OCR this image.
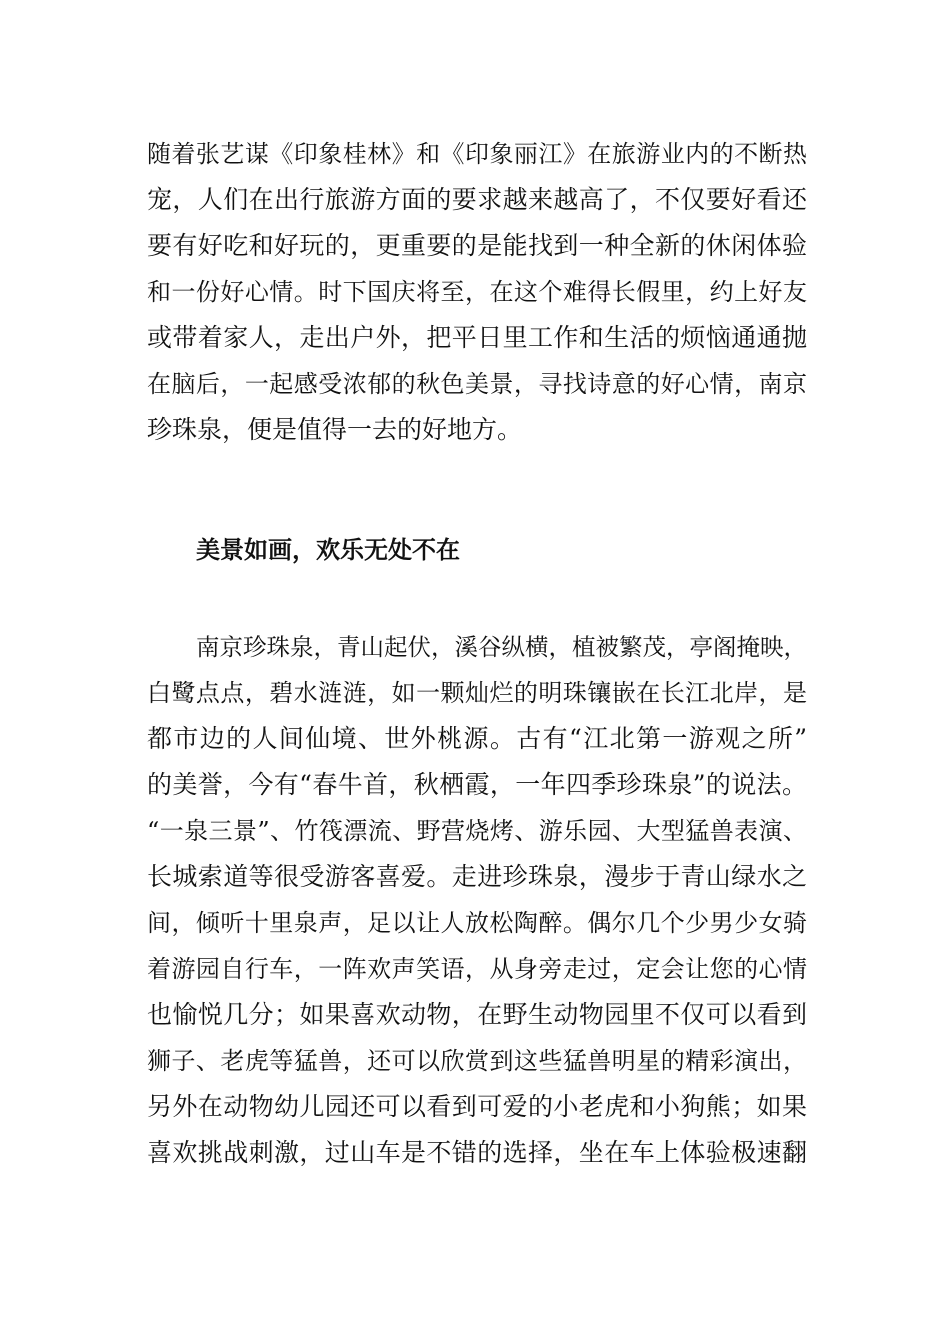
随着张艺谋《印象桂林》和《印象丽江》在旅游业内的不断热
宠，人们在出行旅游方面的要求越来越高了，不仅要好看还
要有好吃和好玩的，更重要的是能找到一种全新的休闲体验
和一份好心情。时下国庆将至，在这个难得长假里，约上好友
或带着家人，走出户外，把平日里工作和生活的烦恼通通抛
在脑后，一起感受浓郁的秋色美景，寻找诗意的好心情，南京
珍珠泉，便是值得一去的好地方。
美景如画，欢乐无处不在
南京珍珠泉，青山起伏，溪谷纵横，植被繁茂，亭阁掩映，
白鹭点点，碧水涟涟，如一颗灿烂的明珠镶嵌在长江北岸，是
都市边的人间仙境、世外桃源。古有“江北第一游观之所”
的美誉，今有“春牛首，秋栖霞，一年四季珍珠泉”的说法。
“一泉三景”、竹筏漂流、野营烧烤、游乐园、大型猛兽表演、
长城索道等很受游客喜爱。走进珍珠泉，漫步于青山绿水之
间，倾听十里泉声，足以让人放松陶醉。偶尔几个少男少女骑
着游园自行车，一阵欢声笑语，从身旁走过，定会让您的心情
也愉悦几分；如果喜欢动物，在野生动物园里不仅可以看到
狮子、老虎等猛兽，还可以欣赏到这些猛兽明星的精彩演出，
另外在动物幼儿园还可以看到可爱的小老虎和小狗熊；如果
喜欢挑战刺激，过山车是不错的选择，坐在车上体验极速翻
